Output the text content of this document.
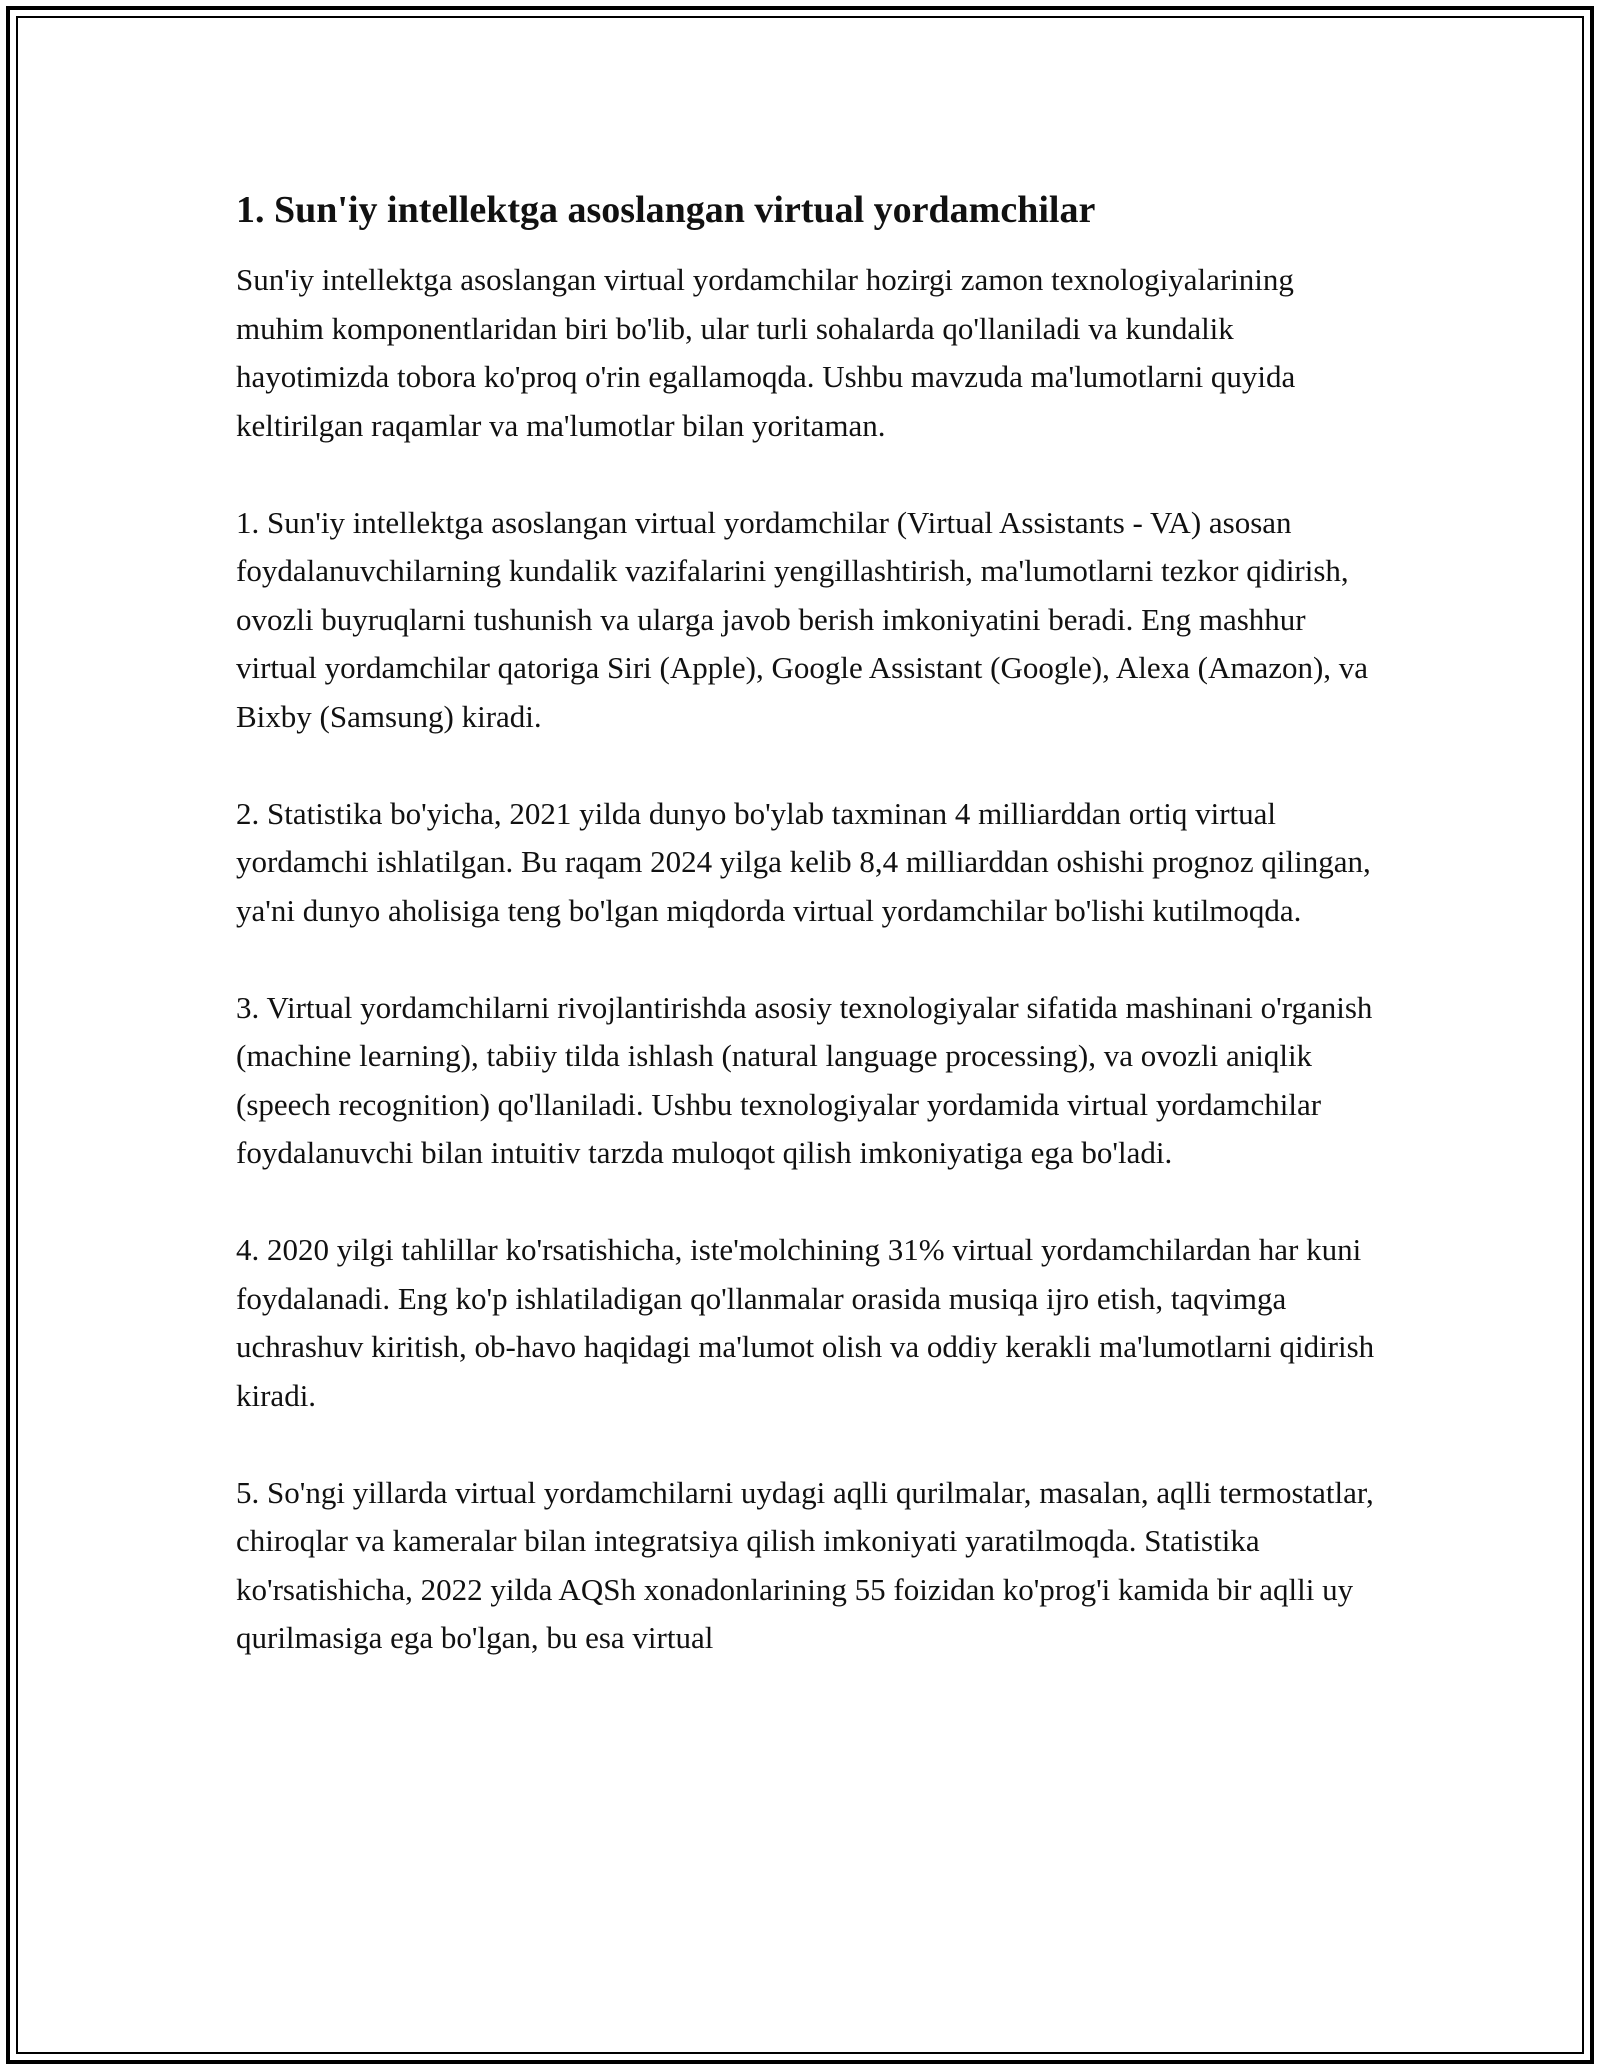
1. Sun'iy intellektga asoslangan virtual yordamchilar

Sun'iy intellektga asoslangan virtual yordamchilar hozirgi zamon texnologiyalarining muhim komponentlaridan biri bo'lib, ular turli sohalarda qo'llaniladi va kundalik hayotimizda tobora ko'proq o'rin egallamoqda. Ushbu mavzuda ma'lumotlarni quyida keltirilgan raqamlar va ma'lumotlar bilan yoritaman.

1. Sun'iy intellektga asoslangan virtual yordamchilar (Virtual Assistants - VA) asosan foydalanuvchilarning kundalik vazifalarini yengillashtirish, ma'lumotlarni tezkor qidirish, ovozli buyruqlarni tushunish va ularga javob berish imkoniyatini beradi. Eng mashhur virtual yordamchilar qatoriga Siri (Apple), Google Assistant (Google), Alexa (Amazon), va Bixby (Samsung) kiradi.

2. Statistika bo'yicha, 2021 yilda dunyo bo'ylab taxminan 4 milliarddan ortiq virtual yordamchi ishlatilgan. Bu raqam 2024 yilga kelib 8,4 milliarddan oshishi prognoz qilingan, ya'ni dunyo aholisiga teng bo'lgan miqdorda virtual yordamchilar bo'lishi kutilmoqda.

3. Virtual yordamchilarni rivojlantirishda asosiy texnologiyalar sifatida mashinani o'rganish (machine learning), tabiiy tilda ishlash (natural language processing), va ovozli aniqlik (speech recognition) qo'llaniladi. Ushbu texnologiyalar yordamida virtual yordamchilar foydalanuvchi bilan intuitiv tarzda muloqot qilish imkoniyatiga ega bo'ladi.

4. 2020 yilgi tahlillar ko'rsatishicha, iste'molchining 31% virtual yordamchilardan har kuni foydalanadi. Eng ko'p ishlatiladigan qo'llanmalar orasida musiqa ijro etish, taqvimga uchrashuv kiritish, ob-havo haqidagi ma'lumot olish va oddiy kerakli ma'lumotlarni qidirish kiradi.

5. So'ngi yillarda virtual yordamchilarni uydagi aqlli qurilmalar, masalan, aqlli termostatlar, chiroqlar va kameralar bilan integratsiya qilish imkoniyati yaratilmoqda. Statistika ko'rsatishicha, 2022 yilda AQSh xonadonlarining 55 foizidan ko'prog'i kamida bir aqlli uy qurilmasiga ega bo'lgan, bu esa virtual
